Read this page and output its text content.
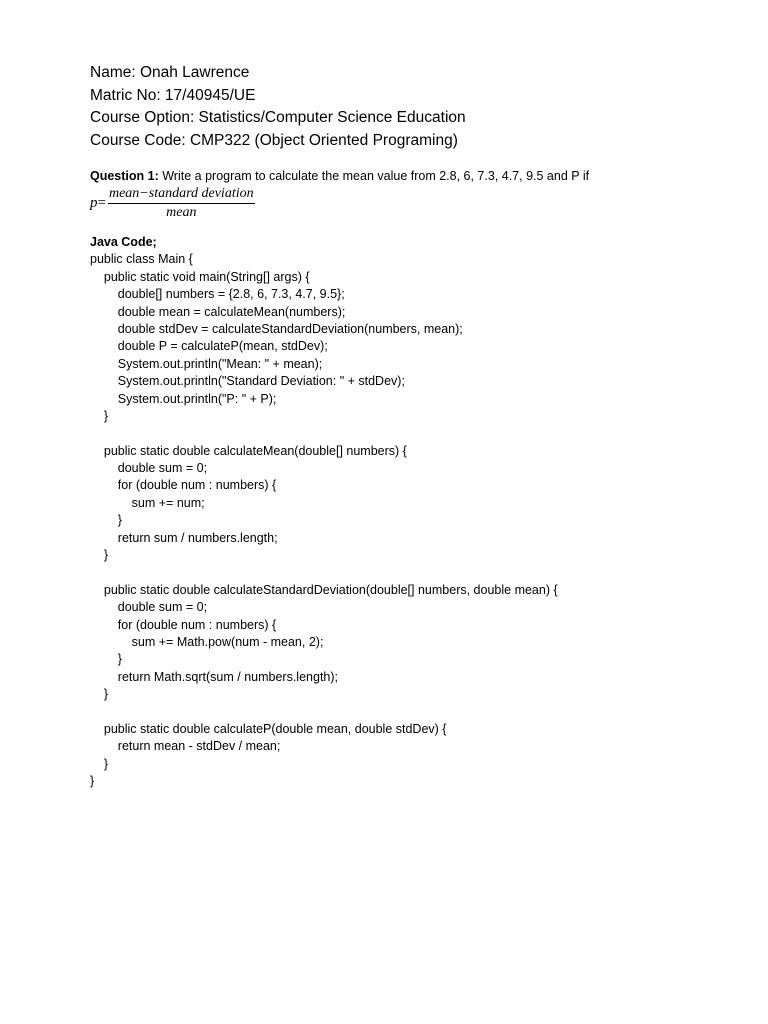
Name: Onah Lawrence

Matric No: 17/40945/UE

Course Option: Statistics/Computer Science Education

Course Code: CMP322 (Object Oriented Programing)

Question 1: Write a program to calculate the mean value from 2.8, 6, 7.3, 4.7, 9.5 and P if
$p = \frac{\text{mean−standard deviation}}{\text{mean}}$
Java Code;
public class Main {
public static void main(String[] args) {
double[] numbers = {2.8, 6, 7.3, 4.7, 9.5};
double mean = calculateMean(numbers);
double stdDev = calculateStandardDeviation(numbers, mean);
double P = calculateP(mean, stdDev);
System.out.println("Mean: " + mean);
System.out.println("Standard Deviation: " + stdDev);
System.out.println("P: " + P);
}
public static double calculateMean(double[] numbers) {
double sum = 0;
for (double num : numbers) {
sum += num;
}
return sum / numbers.length;
}
public static double calculateStandardDeviation(double[] numbers, double mean) {
double sum = 0;
for (double num : numbers) {
sum += Math.pow(num - mean, 2);
}
return Math.sqrt(sum / numbers.length);
}
public static double calculateP(double mean, double stdDev) {
return mean - stdDev / mean;
}
}
